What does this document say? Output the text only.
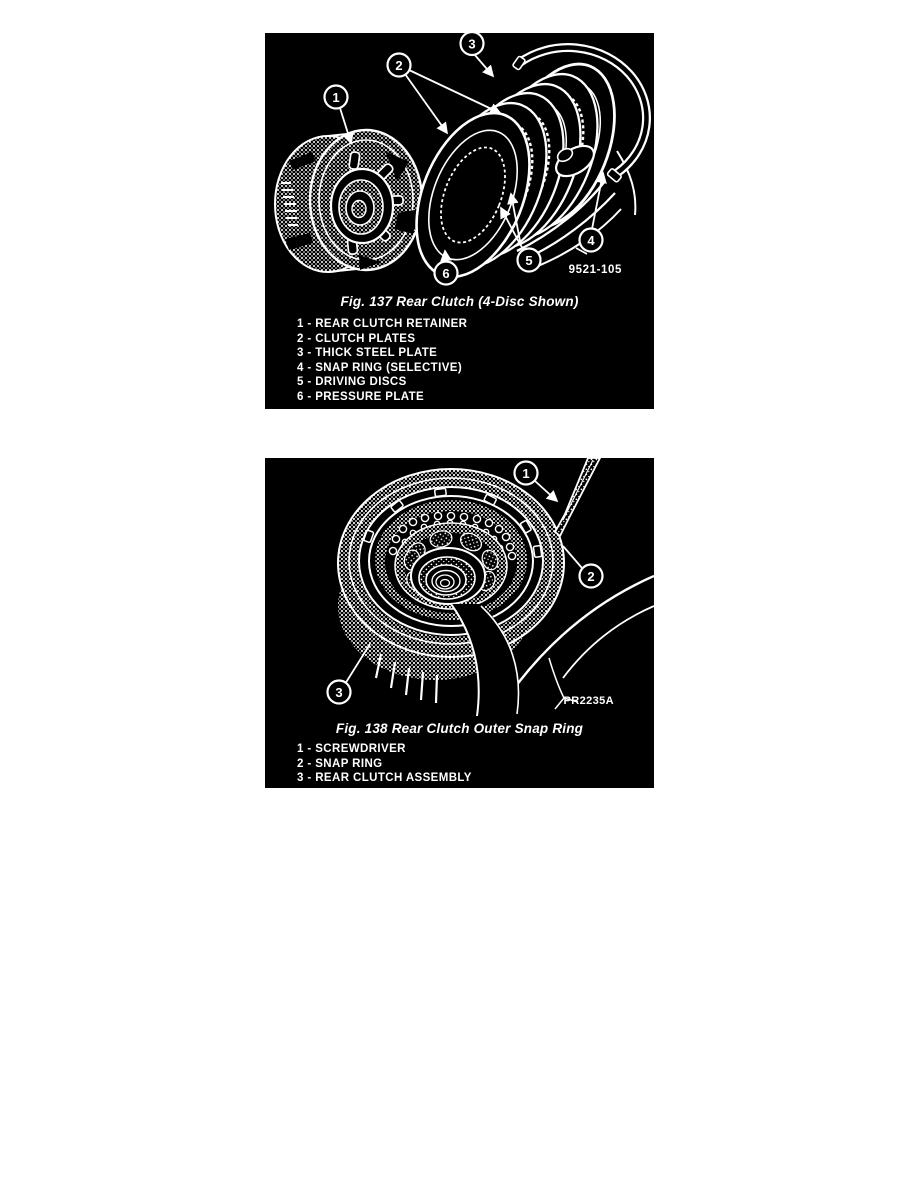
1
2
3
4
5
6	9521-105
Fig. 137 Rear Clutch (4-Disc Shown)
1 - REAR CLUTCH RETAINER
2 - CLUTCH PLATES
3 - THICK STEEL PLATE
4 - SNAP RING (SELECTIVE)
5 - DRIVING DISCS
6 - PRESSURE PLATE
1
2
3
PR2235A
Fig. 138 Rear Clutch Outer Snap Ring
1 - SCREWDRIVER
2 - SNAP RING
3 - REAR CLUTCH ASSEMBLY
